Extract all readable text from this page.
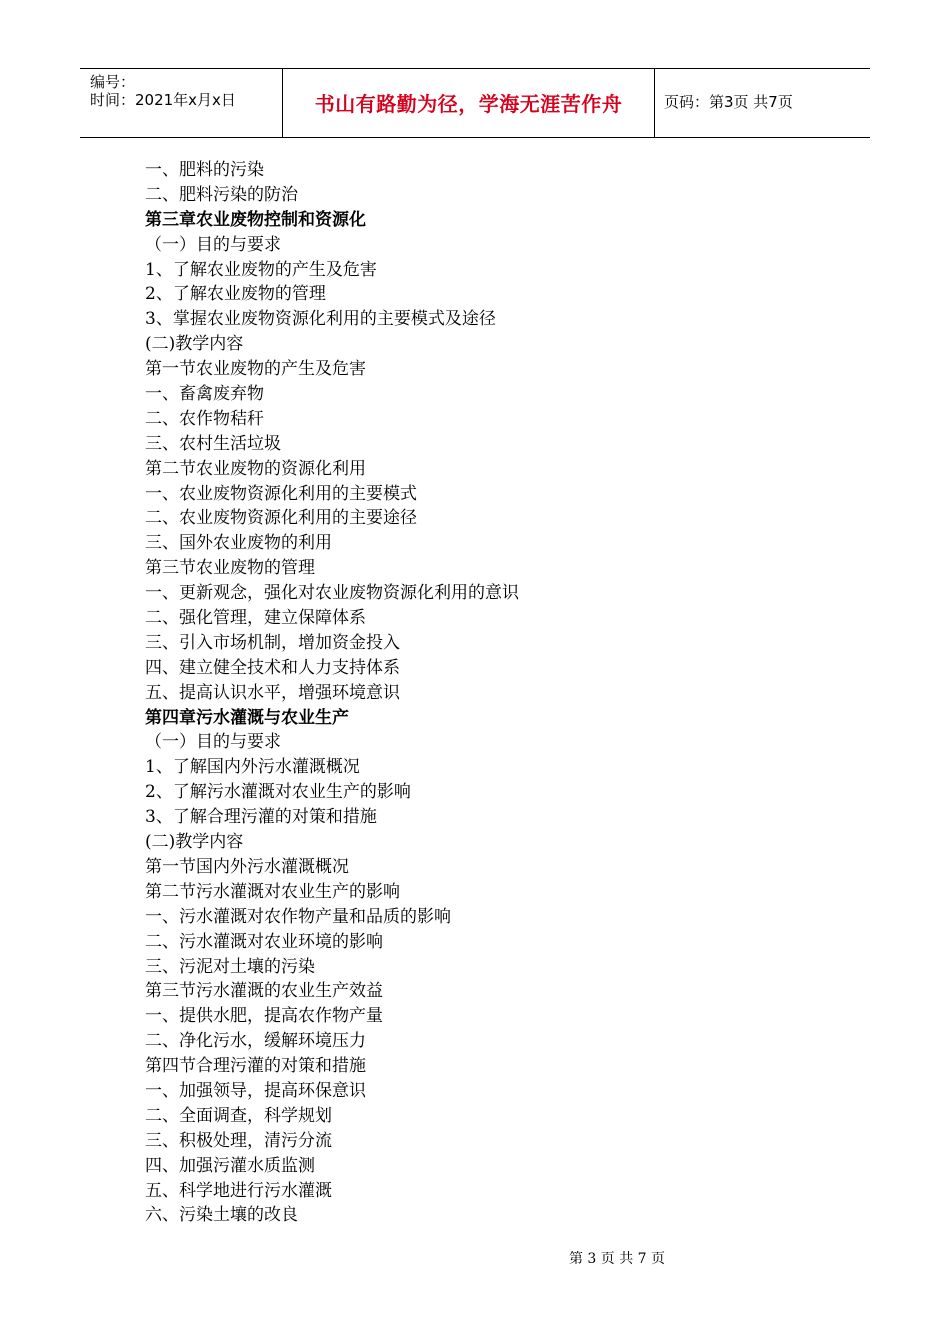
编号：
时间：2021年x月x日	书山有路勤为径，学海无涯苦作舟	页码：第3页 共7页
一、肥料的污染
二、肥料污染的防治
第三章农业废物控制和资源化
（一）目的与要求
1、了解农业废物的产生及危害
2、了解农业废物的管理
3、掌握农业废物资源化利用的主要模式及途径
(二)教学内容
第一节农业废物的产生及危害
一、畜禽废弃物
二、农作物秸秆
三、农村生活垃圾
第二节农业废物的资源化利用
一、农业废物资源化利用的主要模式
二、农业废物资源化利用的主要途径
三、国外农业废物的利用
第三节农业废物的管理
一、更新观念，强化对农业废物资源化利用的意识
二、强化管理，建立保障体系
三、引入市场机制，增加资金投入
四、建立健全技术和人力支持体系
五、提高认识水平，增强环境意识
第四章污水灌溉与农业生产
（一）目的与要求
1、了解国内外污水灌溉概况
2、了解污水灌溉对农业生产的影响
3、了解合理污灌的对策和措施
(二)教学内容
第一节国内外污水灌溉概况
第二节污水灌溉对农业生产的影响
一、污水灌溉对农作物产量和品质的影响
二、污水灌溉对农业环境的影响
三、污泥对土壤的污染
第三节污水灌溉的农业生产效益
一、提供水肥，提高农作物产量
二、净化污水，缓解环境压力
第四节合理污灌的对策和措施
一、加强领导，提高环保意识
二、全面调查，科学规划
三、积极处理，清污分流
四、加强污灌水质监测
五、科学地进行污水灌溉
六、污染土壤的改良
第 3 页 共 7 页
